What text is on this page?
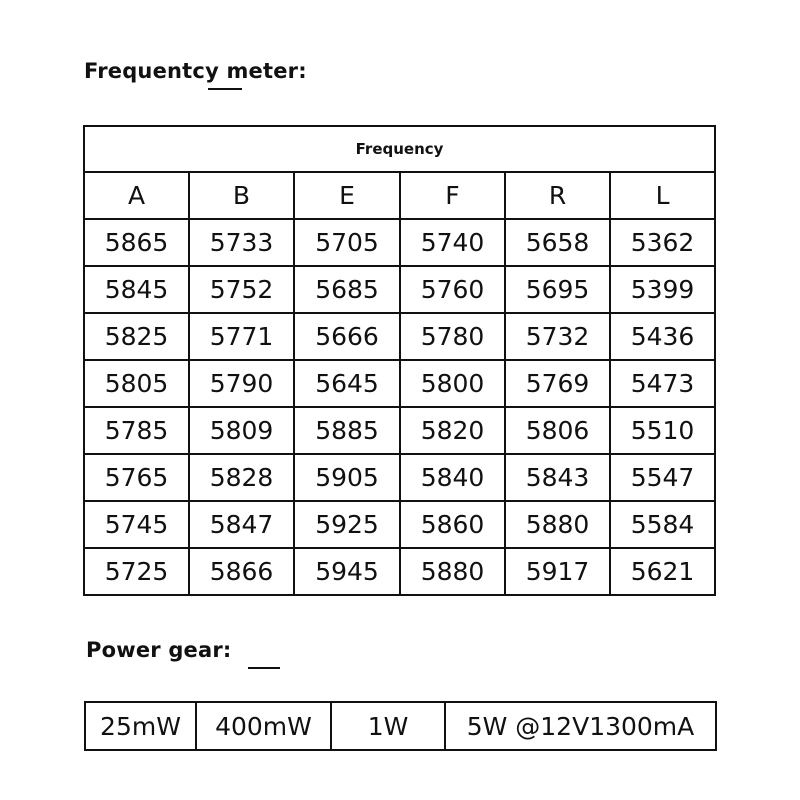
Frequentcy meter:
Frequency					
A	B	E	F	R	L
5865	5733	5705	5740	5658	5362
5845	5752	5685	5760	5695	5399
5825	5771	5666	5780	5732	5436
5805	5790	5645	5800	5769	5473
5785	5809	5885	5820	5806	5510
5765	5828	5905	5840	5843	5547
5745	5847	5925	5860	5880	5584
5725	5866	5945	5880	5917	5621
Power gear:
25mW	400mW	1W	5W @12V1300mA
